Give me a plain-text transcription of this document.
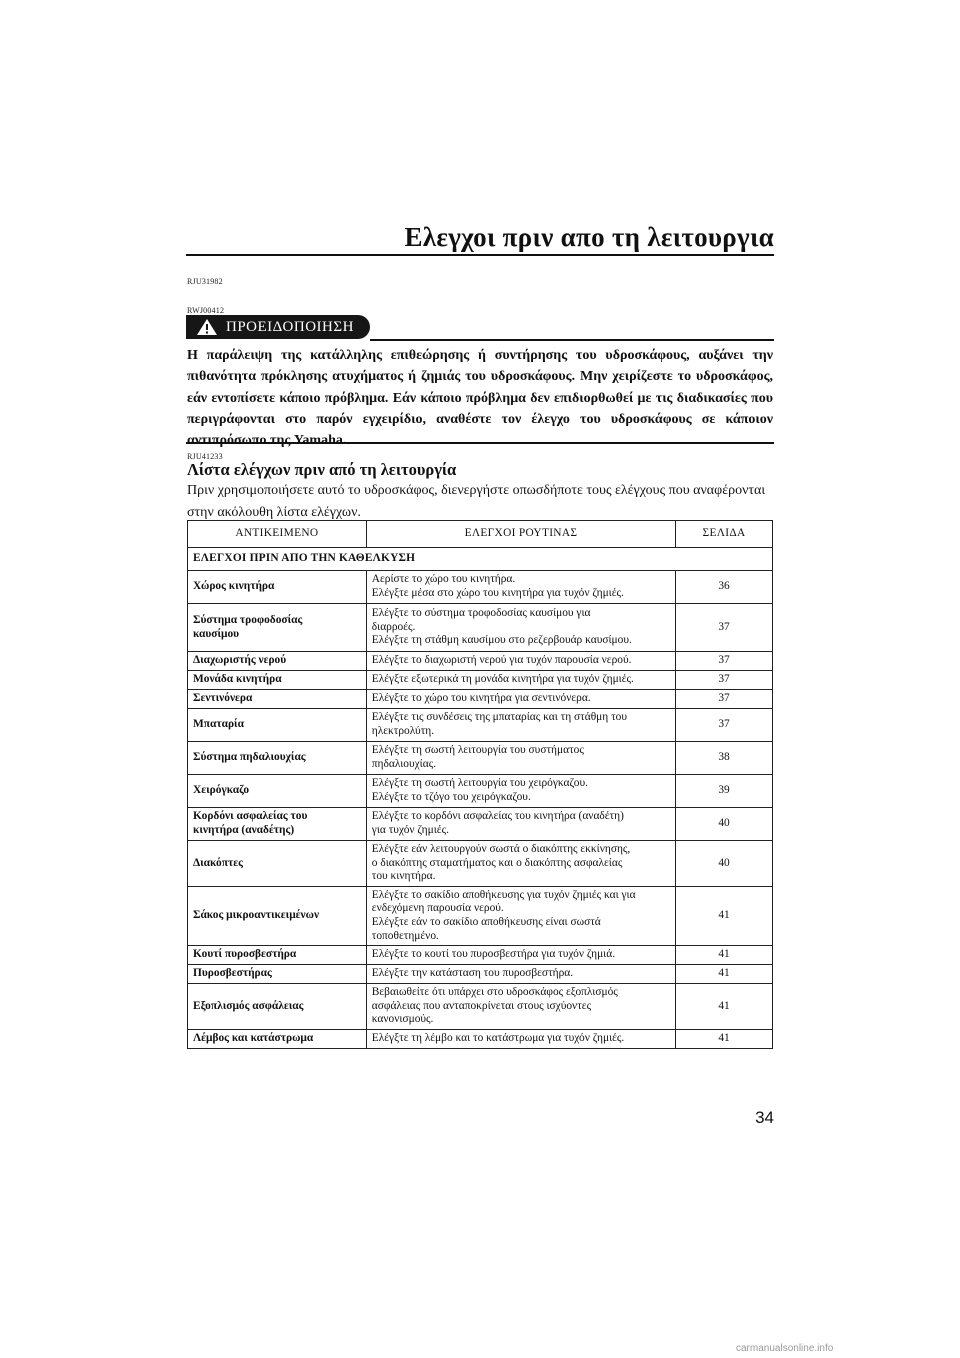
Ελεγχοι πριν απο τη λειτουργια
RJU31982
RWJ00412
ΠΡΟΕΙΔΟΠΟΙΗΣΗ
Η παράλειψη της κατάλληλης επιθεώρησης ή συντήρησης του υδροσκάφους, αυξάνει την πιθανότητα πρόκλησης ατυχήματος ή ζημιάς του υδροσκάφους. Μην χειρίζεστε το υδροσκάφος, εάν εντοπίσετε κάποιο πρόβλημα. Εάν κάποιο πρόβλημα δεν επιδιορθωθεί με τις διαδικασίες που περιγράφονται στο παρόν εγχειρίδιο, αναθέστε τον έλεγχο του υδροσκάφους σε κάποιον αντιπρόσωπο της Yamaha.
RJU41233
Λίστα ελέγχων πριν από τη λειτουργία
Πριν χρησιμοποιήσετε αυτό το υδροσκάφος, διενεργήστε οπωσδήποτε τους ελέγχους που αναφέρονται στην ακόλουθη λίστα ελέγχων.
ΑΝΤΙΚΕΙΜΕΝΟ	ΕΛΕΓΧΟΙ ΡΟΥΤΙΝΑΣ	ΣΕΛΙΔΑ
ΕΛΕΓΧΟΙ ΠΡΙΝ ΑΠΟ ΤΗΝ ΚΑΘΕΛΚΥΣΗ		
Χώρος κινητήρα	Αερίστε το χώρο του κινητήρα.
Ελέγξτε μέσα στο χώρο του κινητήρα για τυχόν ζημιές.	36
Σύστημα τροφοδοσίας
καυσίμου	Ελέγξτε το σύστημα τροφοδοσίας καυσίμου για
διαρροές.
Ελέγξτε τη στάθμη καυσίμου στο ρεζερβουάρ καυσίμου.	37
Διαχωριστής νερού	Ελέγξτε το διαχωριστή νερού για τυχόν παρουσία νερού.	37
Μονάδα κινητήρα	Ελέγξτε εξωτερικά τη μονάδα κινητήρα για τυχόν ζημιές.	37
Σεντινόνερα	Ελέγξτε το χώρο του κινητήρα για σεντινόνερα.	37
Μπαταρία	Ελέγξτε τις συνδέσεις της μπαταρίας και τη στάθμη του
ηλεκτρολύτη.	37
Σύστημα πηδαλιουχίας	Ελέγξτε τη σωστή λειτουργία του συστήματος
πηδαλιουχίας.	38
Χειρόγκαζο	Ελέγξτε τη σωστή λειτουργία του χειρόγκαζου.
Ελέγξτε το τζόγο του χειρόγκαζου.	39
Κορδόνι ασφαλείας του
κινητήρα (αναδέτης)	Ελέγξτε το κορδόνι ασφαλείας του κινητήρα (αναδέτη)
για τυχόν ζημιές.	40
Διακόπτες	Ελέγξτε εάν λειτουργούν σωστά ο διακόπτης εκκίνησης,
ο διακόπτης σταματήματος και ο διακόπτης ασφαλείας
του κινητήρα.	40
Σάκος μικροαντικειμένων	Ελέγξτε το σακίδιο αποθήκευσης για τυχόν ζημιές και για
ενδεχόμενη παρουσία νερού.
Ελέγξτε εάν το σακίδιο αποθήκευσης είναι σωστά
τοποθετημένο.	41
Κουτί πυροσβεστήρα	Ελέγξτε το κουτί του πυροσβεστήρα για τυχόν ζημιά.	41
Πυροσβεστήρας	Ελέγξτε την κατάσταση του πυροσβεστήρα.	41
Εξοπλισμός ασφάλειας	Βεβαιωθείτε ότι υπάρχει στο υδροσκάφος εξοπλισμός
ασφάλειας που ανταποκρίνεται στους ισχύοντες
κανονισμούς.	41
Λέμβος και κατάστρωμα	Ελέγξτε τη λέμβο και το κατάστρωμα για τυχόν ζημιές.	41
34
carmanualsonline.info
